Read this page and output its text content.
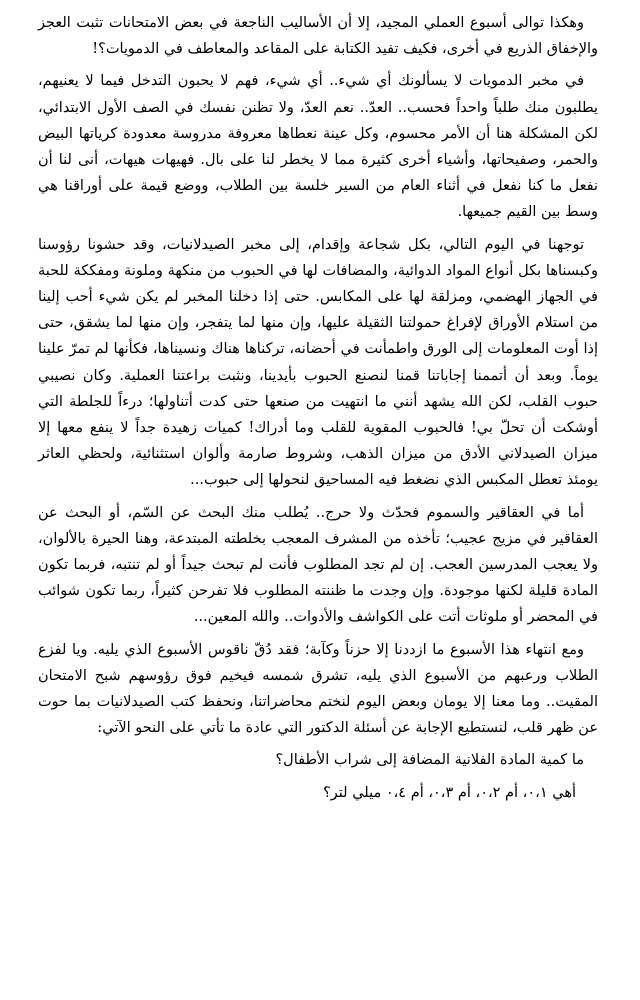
وهكذا توالى أسبوع العملي المجيد، إلا أن الأساليب الناجعة في بعض الامتحانات تثبت العجز والإخفاق الذريع في أخرى، فكيف تفيد الكتابة على المقاعد والمعاطف في الدمويات؟!

في مخبر الدمويات لا يسألونك أي شيء.. أي شيء، فهم لا يحبون التدخل فيما لا يعنيهم، يطلبون منك طلباً واحداً فحسب.. العدّ.. نعم العدّ، ولا تظنن نفسك في الصف الأول الابتدائي، لكن المشكلة هنا أن الأمر محسوم، وكل عينة نعطاها معروفة مدروسة معدودة كرياتها البيض والحمر، وصفيحاتها، وأشياء أخرى كثيرة مما لا يخطر لنا على بال. فهيهات هيهات، أنى لنا أن نفعل ما كنا نفعل في أثناء العام من السير خلسة بين الطلاب، ووضع قيمة على أوراقنا هي وسط بين القيم جميعها.

توجهنا في اليوم التالي، بكل شجاعة وإقدام، إلى مخبر الصيدلانيات، وقد حشونا رؤوسنا وكبسناها بكل أنواع المواد الدوائية، والمضافات لها في الحبوب من منكهة وملونة ومفككة للحبة في الجهاز الهضمي، ومزلقة لها على المكابس. حتى إذا دخلنا المخبر لم يكن شيء أحب إلينا من استلام الأوراق لإفراغ حمولتنا الثقيلة عليها، وإن منها لما يتفجر، وإن منها لما يشقق، حتى إذا أوت المعلومات إلى الورق واطمأنت في أحضانه، تركناها هناك ونسيناها، فكأنها لم تمرّ علينا يوماً. وبعد أن أتممنا إجاباتنا قمنا لنصنع الحبوب بأيدينا، ونثبت براعتنا العملية. وكان نصيبي حبوب القلب، لكن الله يشهد أنني ما انتهيت من صنعها حتى كدت أتناولها؛ درءاً للجلطة التي أوشكت أن تحلّ بي! فالحبوب المقوية للقلب وما أدراك! كميات زهيدة جداً لا ينفع معها إلا ميزان الصيدلاني الأدق من ميزان الذهب، وشروط صارمة وألوان استثنائية، ولحظي العاثر يومئذ تعطل المكبس الذي نضغط فيه المساحيق لنحولها إلى حبوب...

أما في العقاقير والسموم فحدّث ولا حرج.. يُطلب منك البحث عن السّم، أو البحث عن العقاقير في مزيج عجيب؛ تأخذه من المشرف المعجب بخلطته المبتدعة، وهنا الحيرة بالألوان، ولا يعجب المدرسين العجب. إن لم تجد المطلوب فأنت لم تبحث جيداً أو لم تنتبه، فربما تكون المادة قليلة لكنها موجودة. وإن وجدت ما ظننته المطلوب فلا تفرحن كثيراً، ربما تكون شوائب في المحضر أو ملوثات أتت على الكواشف والأدوات.. والله المعين...

ومع انتهاء هذا الأسبوع ما ازددنا إلا حزناً وكآبة؛ فقد دُقّ ناقوس الأسبوع الذي يليه. ويا لفزع الطلاب ورعبهم من الأسبوع الذي يليه، تشرق شمسه فيخيم فوق رؤوسهم شبح الامتحان المقيت.. وما معنا إلا يومان وبعض اليوم لنختم محاضراتنا، ونحفظ كتب الصيدلانيات بما حوت عن ظهر قلب، لنستطيع الإجابة عن أسئلة الدكتور التي عادة ما تأتي على النحو الآتي:

ما كمية المادة الفلانية المضافة إلى شراب الأطفال؟

أهي ٠،١، أم ٠،٢، أم ٠،٣، أم ٠،٤ ميلي لتر؟
